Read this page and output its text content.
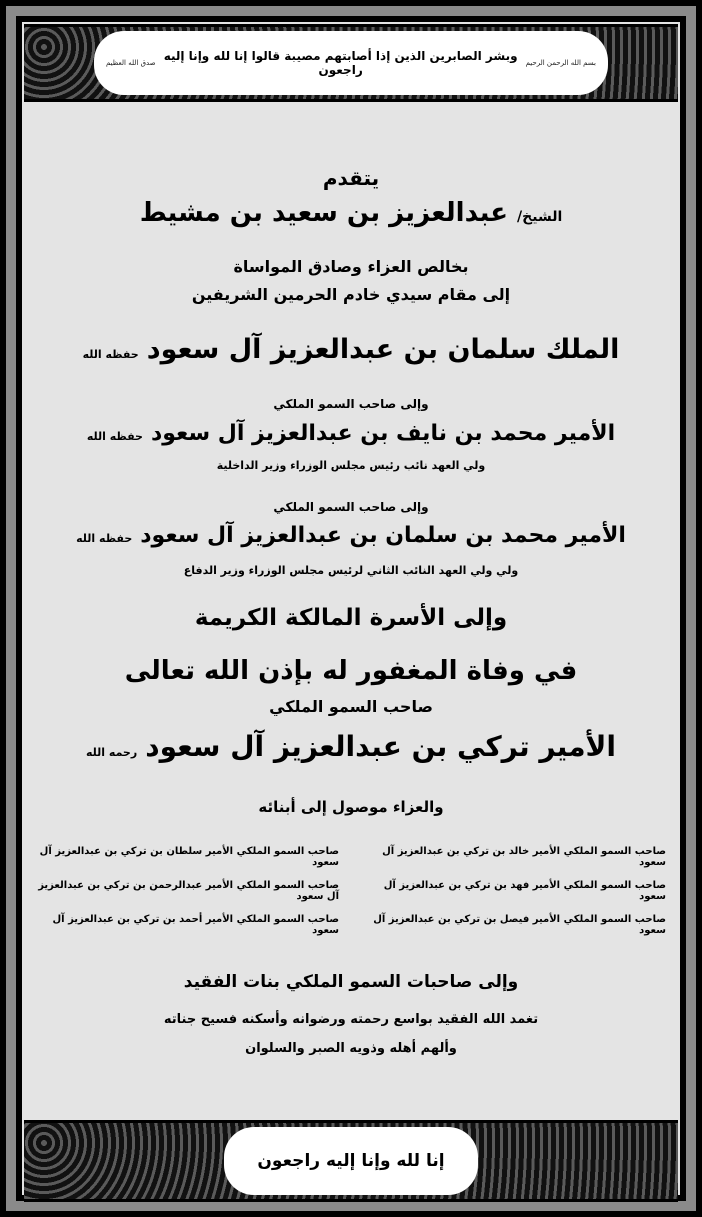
بسم الله الرحمن الرحيم
وبشر الصابرين الذين إذا أصابتهم مصيبة قالوا إنا لله وإنا إليه راجعون
صدق الله العظيم
يتقدم
الشيخ/ عبدالعزيز بن سعيد بن مشيط
بخالص العزاء وصادق المواساة
إلى مقام سيدي خادم الحرمين الشريفين
الملك سلمان بن عبدالعزيز آل سعودحفظه الله
وإلى صاحب السمو الملكي
الأمير محمد بن نايف بن عبدالعزيز آل سعودحفظه الله
ولي العهد نائب رئيس مجلس الوزراء وزير الداخلية
وإلى صاحب السمو الملكي
الأمير محمد بن سلمان بن عبدالعزيز آل سعودحفظه الله
ولي ولي العهد النائب الثاني لرئيس مجلس الوزراء وزير الدفاع
وإلى الأسرة المالكة الكريمة
في وفاة المغفور له بإذن الله تعالى
صاحب السمو الملكي
الأمير تركي بن عبدالعزيز آل سعودرحمه الله
والعزاء موصول إلى أبنائه
صاحب السمو الملكي الأمير خالد بن تركي بن عبدالعزيز آل سعود
صاحب السمو الملكي الأمير سلطان بن تركي بن عبدالعزيز آل سعود
صاحب السمو الملكي الأمير فهد بن تركي بن عبدالعزيز آل سعود
صاحب السمو الملكي الأمير عبدالرحمن بن تركي بن عبدالعزيز آل سعود
صاحب السمو الملكي الأمير فيصل بن تركي بن عبدالعزيز آل سعود
صاحب السمو الملكي الأمير أحمد بن تركي بن عبدالعزيز آل سعود
وإلى صاحبات السمو الملكي بنات الفقيد
تغمد الله الفقيد بواسع رحمته ورضوانه وأسكنه فسيح جناته
وألهم أهله وذويه الصبر والسلوان
إنا لله وإنا إليه راجعون
